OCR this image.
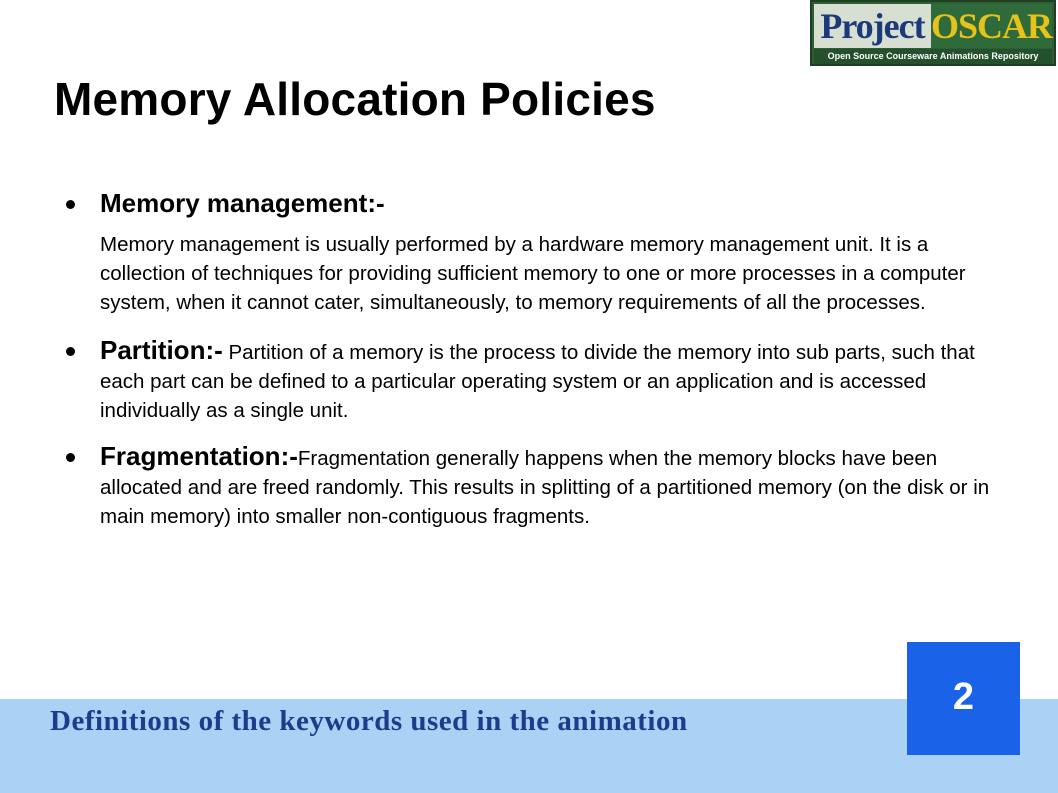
Project OSCAR
Open Source Courseware Animations Repository
Memory Allocation Policies
Memory management:-
Memory management is usually performed by a hardware memory management unit. It is a collection of techniques for providing sufficient memory to one or more processes in a computer system, when it cannot cater, simultaneously, to memory requirements of all the processes.
Partition:- Partition of a memory is the process to divide the memory into sub parts, such that each part can be defined to a particular operating system or an application and is accessed individually as a single unit.
Fragmentation:-Fragmentation generally happens when the memory blocks have been allocated and are freed randomly. This results in splitting of a partitioned memory (on the disk or in main memory) into smaller non-contiguous fragments.

Definitions of the keywords used in the animation

2
